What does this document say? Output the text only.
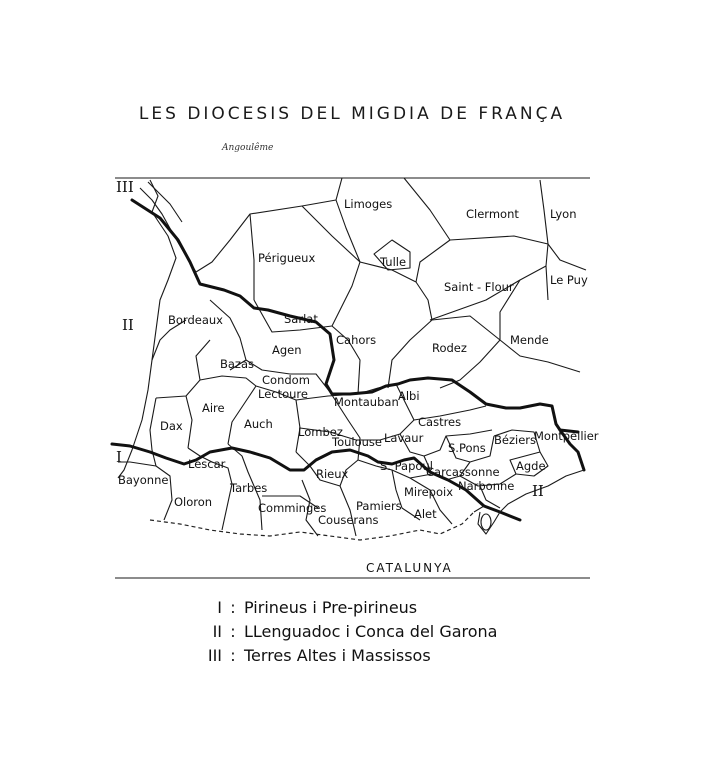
LES DIOCESIS DEL MIGDIA DE FRANÇA
Angoulême
Limoges
Clermont	Lyon
Périgueux	Tulle
Saint - Flour	Le Puy
Bordeaux	Sarlat
Cahors
Rodez
Mende
Agen
Bazas
Condom
Lectoure
Montauban Albi
Castres
Aire
Dax	Auch
Lombez
Toulouse Lavaur
S.Pons
Béziers
Montpellier
Lescar
Bayonne
Oloron
Tarbes
Rieux
S. Papoul
Carcassonne Agde
Narbonne
Comminges
Couserans
Pamiers
Mirepoix
Alet
III
II
I
II
CATALUNYA
I : Pirineus i Pre-pirineus
II : LLenguadoc i Conca del Garona
III : Terres Altes i Massissos
